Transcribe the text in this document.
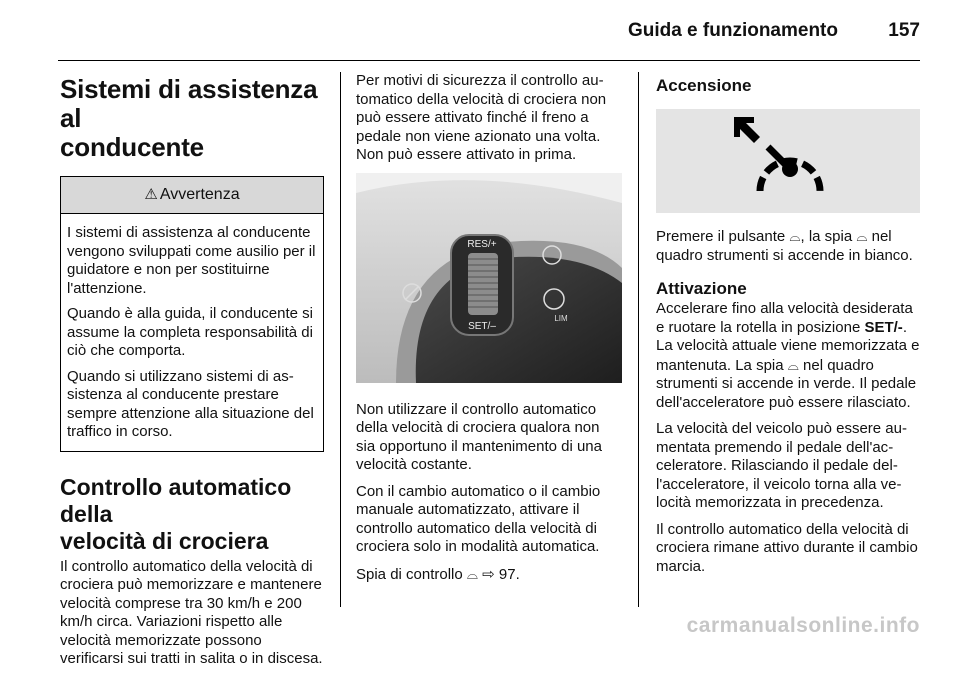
Guida e funzionamento	157
Sistemi di assistenza al
conducente
⚠ Avvertenza

I sistemi di assistenza al conducente vengono sviluppati come ausilio per il guidatore e non per sostituirne l'attenzione.

Quando è alla guida, il conducente si assume la completa responsabilità di ciò che comporta.

Quando si utilizzano sistemi di assistenza al conducente prestare sempre attenzione alla situazione del traffico in corso.

Controllo automatico della
velocità di crociera

Il controllo automatico della velocità di crociera può memorizzare e mantenere velocità comprese tra 30 km/h e 200 km/h circa. Variazioni rispetto alle velocità memorizzate possono verificarsi sui tratti in salita o in discesa.

Per motivi di sicurezza il controllo automatico della velocità di crociera non può essere attivato finché il freno a pedale non viene azionato una volta. Non può essere attivato in prima.

RES/+
SET/–
LIM

Non utilizzare il controllo automatico della velocità di crociera qualora non sia opportuno il mantenimento di una velocità costante.

Con il cambio automatico o il cambio manuale automatizzato, attivare il controllo automatico della velocità di crociera solo in modalità automatica.

Spia di controllo ⌓ ⇨ 97.

Accensione

Premere il pulsante ⌓, la spia ⌓ nel quadro strumenti si accende in bianco.

Attivazione

Accelerare fino alla velocità desiderata e ruotare la rotella in posizione SET/-. La velocità attuale viene memorizzata e mantenuta. La spia ⌓ nel quadro strumenti si accende in verde. Il pedale dell'acceleratore può essere rilasciato.

La velocità del veicolo può essere aumentata premendo il pedale dell'acceleratore. Rilasciando il pedale dell'acceleratore, il veicolo torna alla velocità memorizzata in precedenza.

Il controllo automatico della velocità di crociera rimane attivo durante il cambio marcia.

carmanualsonline.info
